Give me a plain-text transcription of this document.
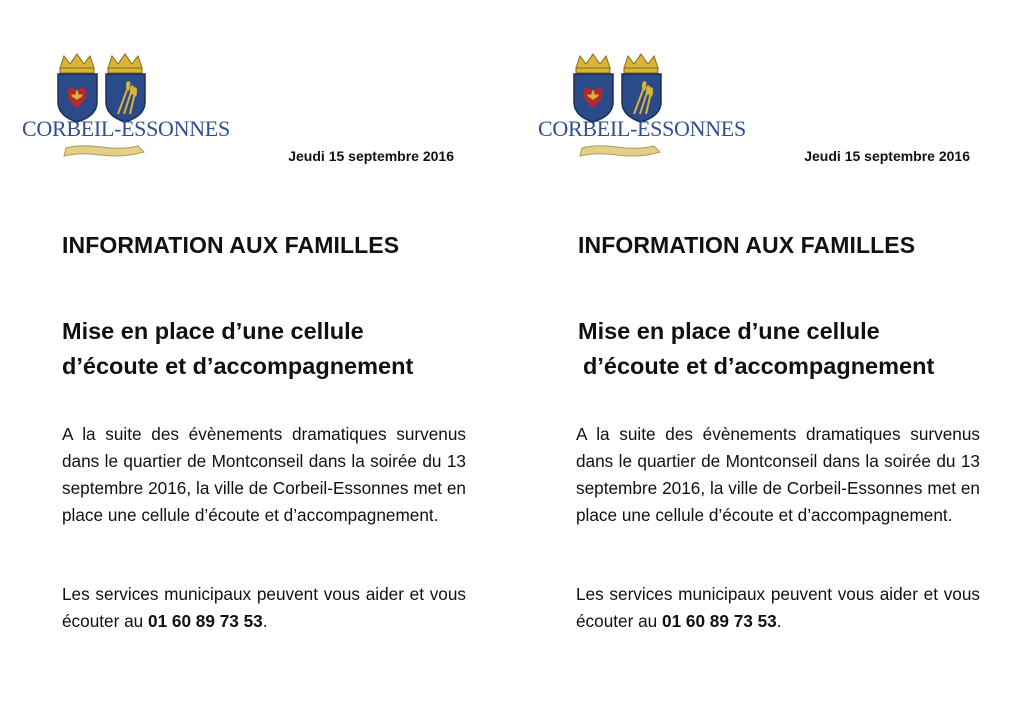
CORBEIL-ESSONNES
Jeudi 15 septembre 2016
INFORMATION AUX FAMILLES
Mise en place d’une cellule
d’écoute et d’accompagnement

A la suite des évènements dramatiques survenus dans le quartier de Montconseil dans la soirée du 13 septembre 2016, la ville de Corbeil-Essonnes met en place une cellule d’écoute et d’accompagnement.

Les services municipaux peuvent vous aider et vous écouter au 01 60 89 73 53.

CORBEIL-ESSONNES
Jeudi 15 septembre 2016
INFORMATION AUX FAMILLES
Mise en place d’une cellule
d’écoute et d’accompagnement

A la suite des évènements dramatiques survenus dans le quartier de Montconseil dans la soirée du 13 septembre 2016, la ville de Corbeil-Essonnes met en place une cellule d’écoute et d’accompagnement.

Les services municipaux peuvent vous aider et vous écouter au 01 60 89 73 53.
